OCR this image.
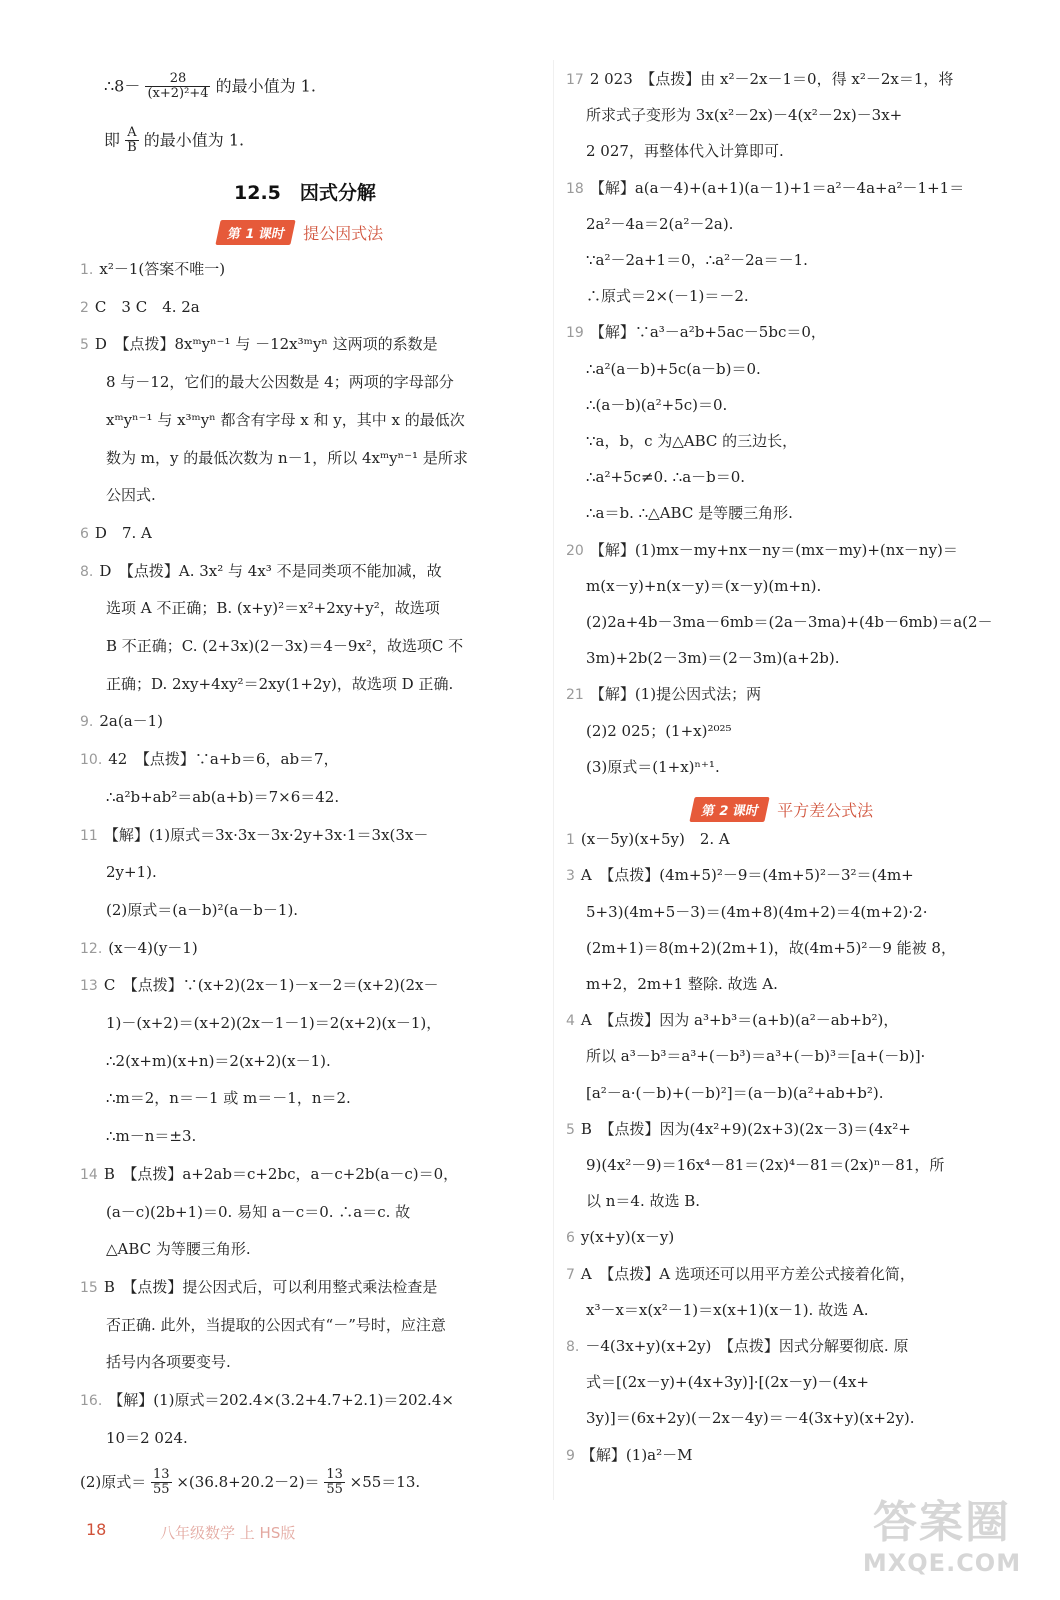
∴8－ $\frac{28}{\text{(x+2)²+4}}$ 的最小值为 1.
即 $\frac{A}{B}$ 的最小值为 1.
12.5　因式分解
第 1 课时	提公因式法
第 2 课时	平方差公式法
1. x²－1(答案不唯一)
2 C　3 C　4. 2a
5 D　【点拨】8xᵐyⁿ⁻¹ 与 －12x³ᵐyⁿ 这两项的系数是
8 与－12，它们的最大公因数是 4；两项的字母部分
xᵐyⁿ⁻¹ 与 x³ᵐyⁿ 都含有字母 x 和 y，其中 x 的最低次
数为 m，y 的最低次数为 n－1，所以 4xᵐyⁿ⁻¹ 是所求
公因式.
6 D　7. A
8. D　【点拨】A. 3x² 与 4x³ 不是同类项不能加减，故
选项 A 不正确；B. (x+y)²＝x²+2xy+y²，故选项
B 不正确；C. (2+3x)(2－3x)＝4－9x²，故选项C 不
正确；D. 2xy+4xy²＝2xy(1+2y)，故选项 D 正确.
9. 2a(a－1)
10. 42　【点拨】∵a+b＝6，ab＝7，
∴a²b+ab²＝ab(a+b)＝7×6＝42.
11 【解】(1)原式＝3x·3x－3x·2y+3x·1＝3x(3x－
2y+1).
(2)原式＝(a－b)²(a－b－1).
12. (x－4)(y－1)
13 C　【点拨】∵(x+2)(2x－1)－x－2＝(x+2)(2x－
1)－(x+2)＝(x+2)(2x－1－1)＝2(x+2)(x－1)，
∴2(x+m)(x+n)＝2(x+2)(x－1).
∴m＝2，n＝－1 或 m＝－1，n＝2.
∴m－n＝±3.
14 B　【点拨】a+2ab＝c+2bc，a－c+2b(a－c)＝0，
(a－c)(2b+1)＝0. 易知 a－c＝0. ∴a＝c. 故
△ABC 为等腰三角形.
15 B　【点拨】提公因式后，可以利用整式乘法检查是
否正确. 此外，当提取的公因式有“－”号时，应注意
括号内各项要变号.
16. 【解】(1)原式＝202.4×(3.2+4.7+2.1)＝202.4×
10＝2 024.
17 2 023　【点拨】由 x²－2x－1＝0，得 x²－2x＝1，将
所求式子变形为 3x(x²－2x)－4(x²－2x)－3x+
2 027，再整体代入计算即可.
18 【解】a(a－4)+(a+1)(a－1)+1＝a²－4a+a²－1+1＝
2a²－4a＝2(a²－2a).
∵a²－2a+1＝0，∴a²－2a＝－1.
∴原式＝2×(－1)＝－2.
19 【解】∵a³－a²b+5ac－5bc＝0，
∴a²(a－b)+5c(a－b)＝0.
∴(a－b)(a²+5c)＝0.
∵a，b，c 为△ABC 的三边长，
∴a²+5c≠0. ∴a－b＝0.
∴a＝b. ∴△ABC 是等腰三角形.
20 【解】(1)mx－my+nx－ny＝(mx－my)+(nx－ny)＝
m(x－y)+n(x－y)＝(x－y)(m+n).
(2)2a+4b－3ma－6mb＝(2a－3ma)+(4b－6mb)＝a(2－
3m)+2b(2－3m)＝(2－3m)(a+2b).
21 【解】(1)提公因式法；两
(2)2 025；(1+x)²⁰²⁵
(3)原式＝(1+x)ⁿ⁺¹.
1 (x－5y)(x+5y)　2. A
3 A　【点拨】(4m+5)²－9＝(4m+5)²－3²＝(4m+
5+3)(4m+5－3)＝(4m+8)(4m+2)＝4(m+2)·2·
(2m+1)＝8(m+2)(2m+1)，故(4m+5)²－9 能被 8，
m+2，2m+1 整除. 故选 A.
4 A　【点拨】因为 a³+b³＝(a+b)(a²－ab+b²)，
所以 a³－b³＝a³+(－b³)＝a³+(－b)³＝[a+(－b)]·
[a²－a·(－b)+(－b)²]＝(a－b)(a²+ab+b²).
5 B　【点拨】因为(4x²+9)(2x+3)(2x－3)＝(4x²+
9)(4x²－9)＝16x⁴－81＝(2x)⁴－81＝(2x)ⁿ－81，所
以 n＝4. 故选 B.
6 y(x+y)(x－y)
7 A　【点拨】A 选项还可以用平方差公式接着化简，
x³－x＝x(x²－1)＝x(x+1)(x－1). 故选 A.
8. －4(3x+y)(x+2y)　【点拨】因式分解要彻底. 原
式＝[(2x－y)+(4x+3y)]·[(2x－y)－(4x+
3y)]＝(6x+2y)(－2x－4y)＝－4(3x+y)(x+2y).
9 【解】(1)a²－M
(2)原式＝ $\frac{13}{55} \times(36.8+20.2-2)= \frac{13}{55} \times 55=13$.
18	八年级数学 上 HS版	答案圈
MXQE.COM
